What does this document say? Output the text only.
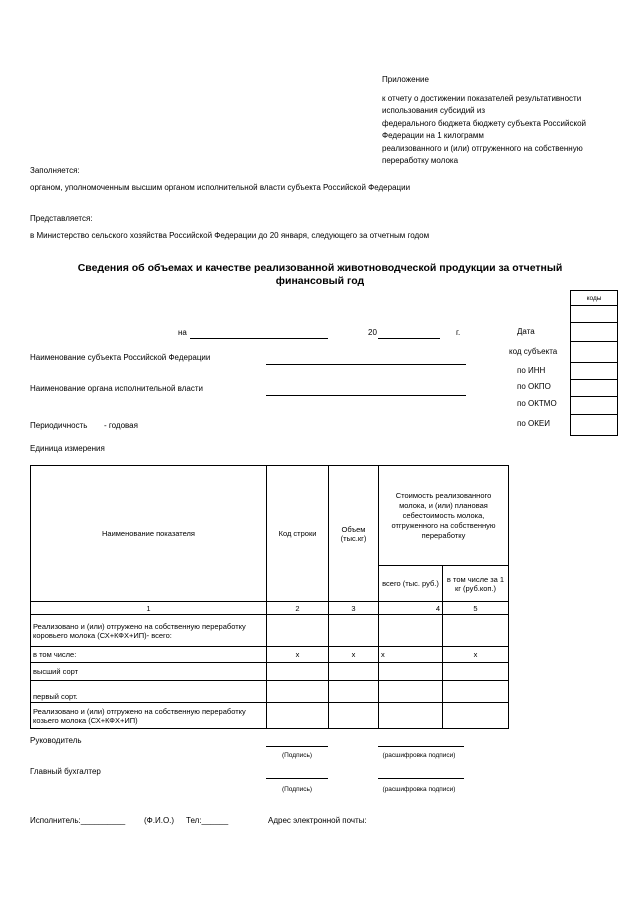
Приложение
к отчету о достижении показателей результативности
использования субсидий из
федерального бюджета бюджету субъекта Российской
Федерации на 1 килограмм
реализованного и (или) отгруженного на собственную
переработку молока
Заполняется:
органом, уполномоченным высшим органом исполнительной власти субъекта Российской Федерации
Представляется:
в Министерство сельского хозяйства Российской Федерации до 20 января, следующего за отчетным годом
Сведения об объемах и качестве реализованной животноводческой продукции за отчетный
финансовый год
на	20	г.	Дата
код субъекта
по ИНН
по ОКПО
по ОКТМО
по ОКЕИ
коды

Наименование субъекта Российской Федерации
Наименование органа исполнительной власти
Периодичность - годовая
Единица измерения
Наименование показателя	Код строки	Объем (тыс.кг)	Стоимость реализованного молока, и (или) плановая себестоимость молока, отгруженного на собственную переработку	
			всего (тыс. руб.)	в том числе за 1 кг (руб.коп.)
1	2	3	4	5
Реализовано и (или) отгружено на собственную переработку коровьего молока (СХ+КФХ+ИП)- всего:				
в том числе:	x	x	x	x
высший сорт				
первый сорт.				
Реализовано и (или) отгружено на собственную переработку козьего молока (СХ+КФХ+ИП)				
Руководитель
(Подпись)	(расшифровка подписи)
Главный бухгалтер
(Подпись)	(расшифровка подписи)
Исполнитель:__________ (Ф.И.О.) Тел:______	Адрес электронной почты:
